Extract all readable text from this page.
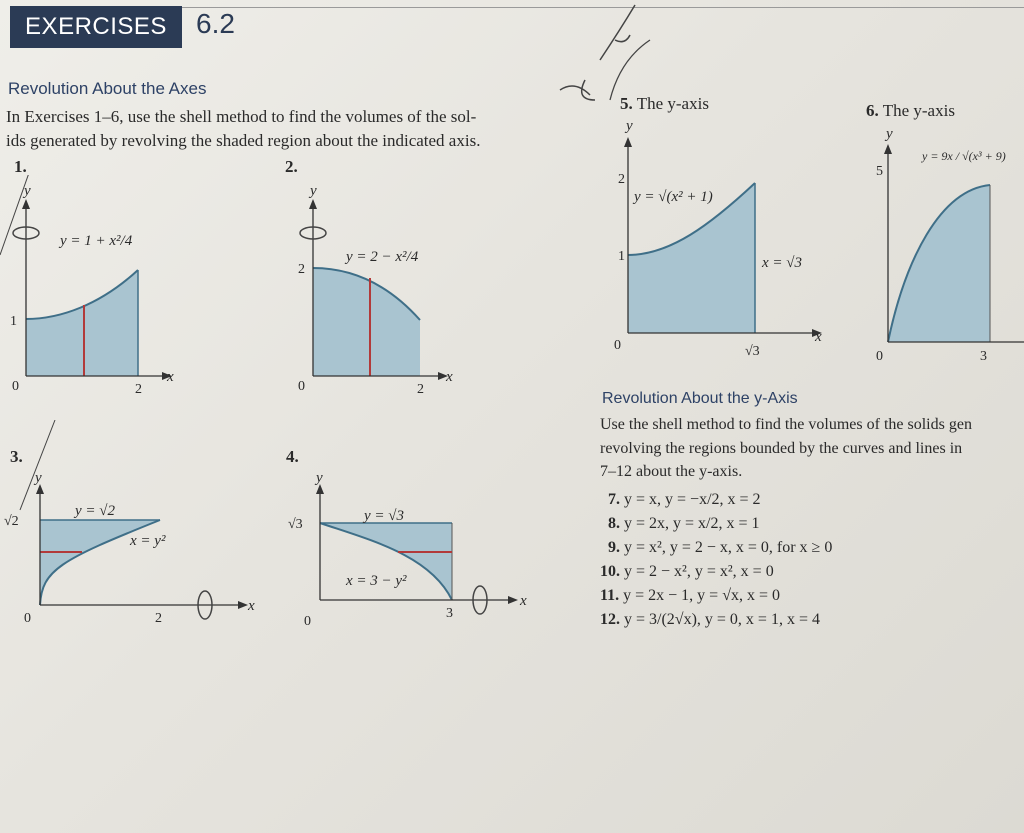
EXERCISES	6.2
Revolution About the Axes
In Exercises 1–6, use the shell method to find the volumes of the sol-
ids generated by revolving the shaded region about the indicated axis.
1.
y
x
y = 1 + x²/4
1
2
0
2.
y
x
y = 2 − x²/4
2
2
0
3.
y
x
y = √2
x = y²
√2
2
0
4.
y
x
y = √3
x = 3 − y²
√3
3
0
5. The y-axis
y
x
y = √(x² + 1)
x = √3
1
2
√3
0
6. The y-axis
y
y = 9x / √(x³ + 9)
5
3
0
Revolution About the y-Axis
Use the shell method to find the volumes of the solids gen
revolving the regions bounded by the curves and lines in
7–12 about the y-axis.
7. y = x, y = −x/2, x = 2
8. y = 2x, y = x/2, x = 1
9. y = x², y = 2 − x, x = 0, for x ≥ 0
10. y = 2 − x², y = x², x = 0
11. y = 2x − 1, y = √x, x = 0
12. y = 3/(2√x), y = 0, x = 1, x = 4
